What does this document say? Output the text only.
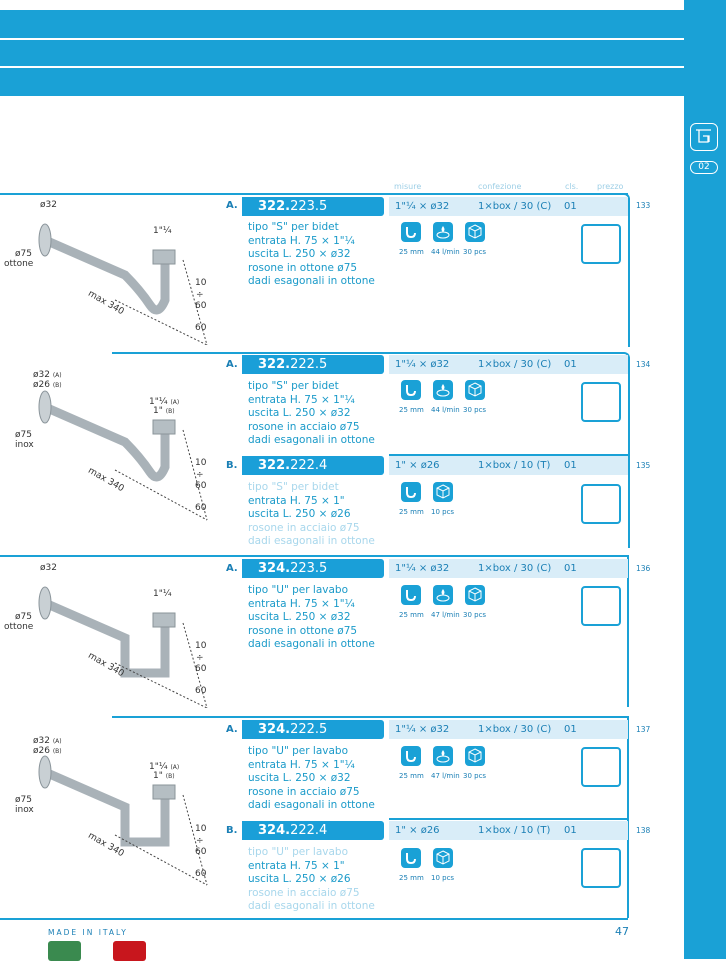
02
misure	confezione	cls. prezzo
A.	322.223.5	1"¼ × ø32	1×box / 30 (C) 01	133
tipo "S" per bidet
entrata H. 75 × 1"¼
uscita L. 250 × ø32
rosone in ottone ø75
dadi esagonali in ottone
A.	322.222.5	1"¼ × ø32	1×box / 30 (C) 01	134
tipo "S" per bidet
entrata H. 75 × 1"¼
uscita L. 250 × ø32
rosone in acciaio ø75
dadi esagonali in ottone
B.	322.222.4	1" × ø26	1×box / 10 (T) 01	135
tipo "S" per bidet
entrata H. 75 × 1"
uscita L. 250 × ø26
rosone in acciaio ø75
dadi esagonali in ottone
A.	324.223.5	1"¼ × ø32	1×box / 30 (C) 01	136
tipo "U" per lavabo
entrata H. 75 × 1"¼
uscita L. 250 × ø32
rosone in ottone ø75
dadi esagonali in ottone
A.	324.222.5	1"¼ × ø32	1×box / 30 (C) 01	137
tipo "U" per lavabo
entrata H. 75 × 1"¼
uscita L. 250 × ø32
rosone in acciaio ø75
dadi esagonali in ottone
B.	324.222.4	1" × ø26	1×box / 10 (T) 01	138
tipo "U" per lavabo
entrata H. 75 × 1"
uscita L. 250 × ø26
rosone in acciaio ø75
dadi esagonali in ottone
25 mm 44 l/min 30 pcs
25 mm 44 l/min 30 pcs
25 mm 10 pcs
25 mm 47 l/min 30 pcs
25 mm 47 l/min 30 pcs
25 mm 10 pcs
ø32
1"¼
ø75
ottone
max 340
10
÷
60
60
ø32 (A)
ø26 (B)
1"¼ (A)
1" (B)
ø75
inox
max 340
10
÷
60
60
ø32
1"¼
ø75
ottone
max 340
10
÷
60
60
ø32 (A)
ø26 (B)
1"¼ (A)
1" (B)
ø75
inox
max 340
10
÷
60
60
MADE IN ITALY	47
